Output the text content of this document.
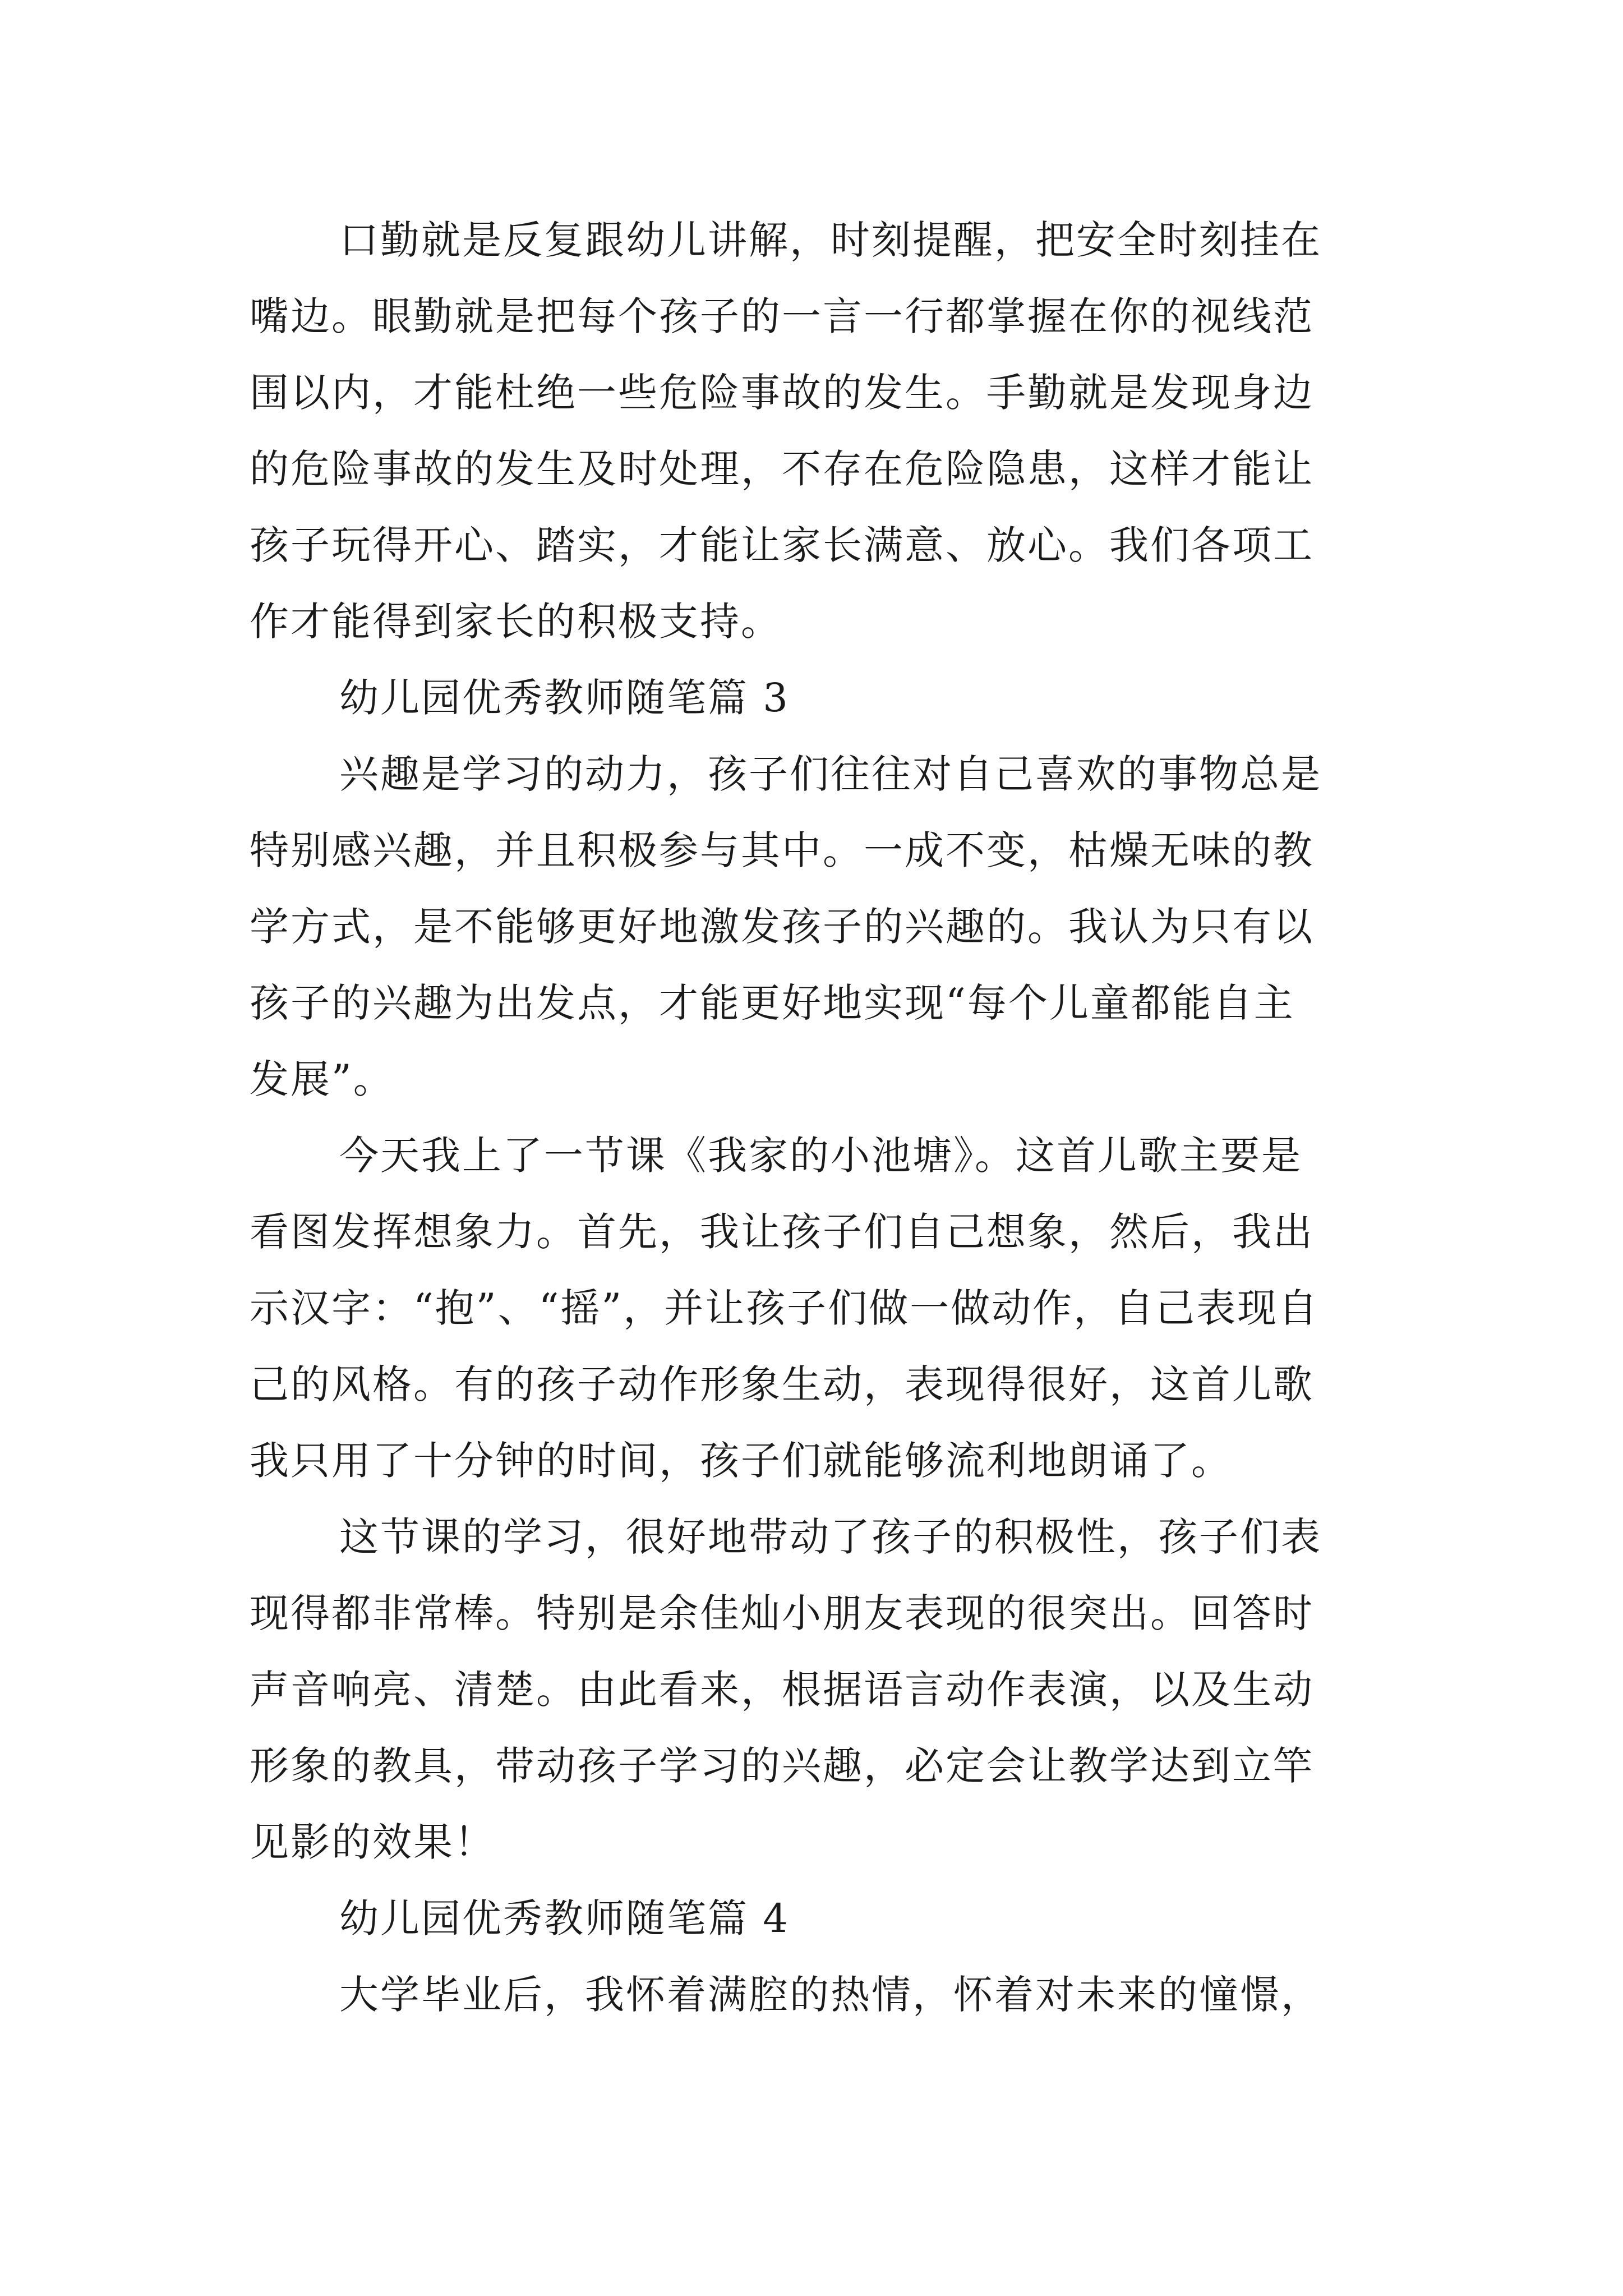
口勤就是反复跟幼儿讲解，时刻提醒，把安全时刻挂在
嘴边。眼勤就是把每个孩子的一言一行都掌握在你的视线范
围以内，才能杜绝一些危险事故的发生。手勤就是发现身边
的危险事故的发生及时处理，不存在危险隐患，这样才能让
孩子玩得开心、踏实，才能让家长满意、放心。我们各项工
作才能得到家长的积极支持。
幼儿园优秀教师随笔篇 3
兴趣是学习的动力，孩子们往往对自己喜欢的事物总是
特别感兴趣，并且积极参与其中。一成不变，枯燥无味的教
学方式，是不能够更好地激发孩子的兴趣的。我认为只有以
孩子的兴趣为出发点，才能更好地实现“每个儿童都能自主
发展”。
今天我上了一节课《我家的小池塘》。这首儿歌主要是
看图发挥想象力。首先，我让孩子们自己想象，然后，我出
示汉字：“抱”、“摇”，并让孩子们做一做动作，自己表现自
己的风格。有的孩子动作形象生动，表现得很好，这首儿歌
我只用了十分钟的时间，孩子们就能够流利地朗诵了。
这节课的学习，很好地带动了孩子的积极性，孩子们表
现得都非常棒。特别是余佳灿小朋友表现的很突出。回答时
声音响亮、清楚。由此看来，根据语言动作表演，以及生动
形象的教具，带动孩子学习的兴趣，必定会让教学达到立竿
见影的效果！
幼儿园优秀教师随笔篇 4
大学毕业后，我怀着满腔的热情，怀着对未来的憧憬，
